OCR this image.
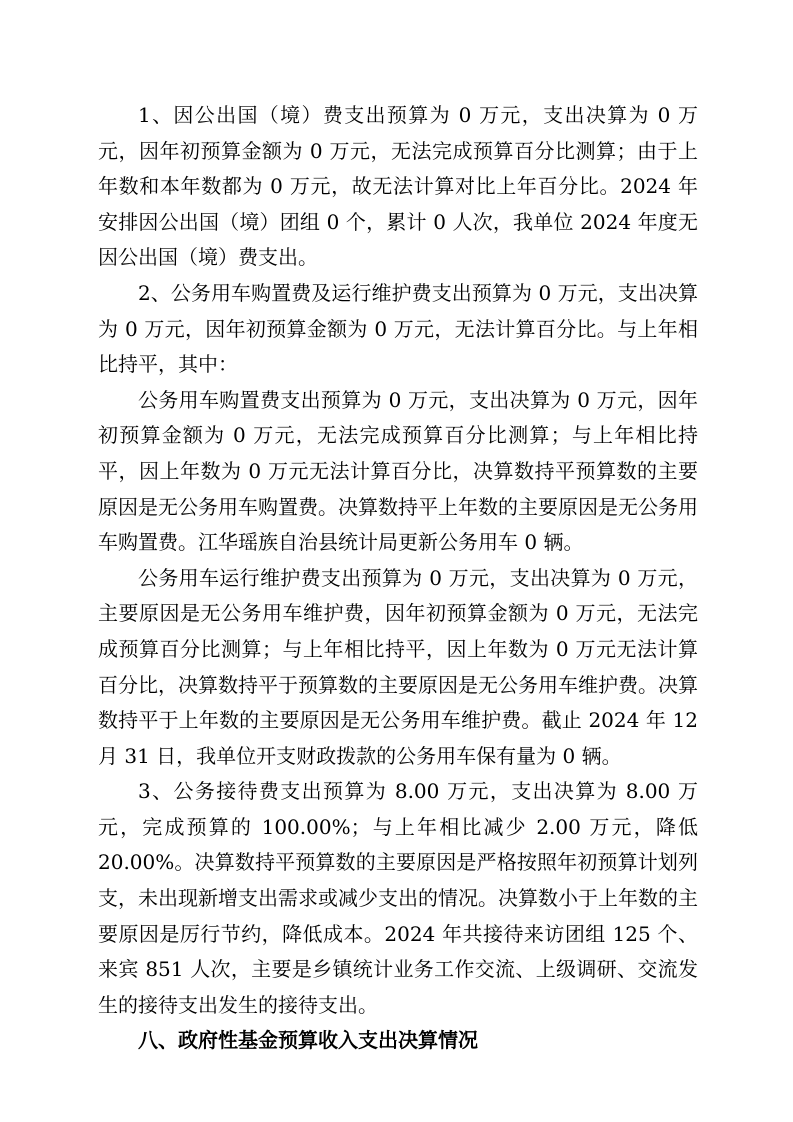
1、因公出国（境）费支出预算为 0 万元，支出决算为 0 万元，因年初预算金额为 0 万元，无法完成预算百分比测算；由于上年数和本年数都为 0 万元，故无法计算对比上年百分比。2024 年安排因公出国（境）团组 0 个，累计 0 人次，我单位 2024 年度无因公出国（境）费支出。

2、公务用车购置费及运行维护费支出预算为 0 万元，支出决算为 0 万元，因年初预算金额为 0 万元，无法计算百分比。与上年相比持平，其中：

公务用车购置费支出预算为 0 万元，支出决算为 0 万元，因年初预算金额为 0 万元，无法完成预算百分比测算；与上年相比持平，因上年数为 0 万元无法计算百分比，决算数持平预算数的主要原因是无公务用车购置费。决算数持平上年数的主要原因是无公务用车购置费。江华瑶族自治县统计局更新公务用车 0 辆。

公务用车运行维护费支出预算为 0 万元，支出决算为 0 万元，主要原因是无公务用车维护费，因年初预算金额为 0 万元，无法完成预算百分比测算；与上年相比持平，因上年数为 0 万元无法计算百分比，决算数持平于预算数的主要原因是无公务用车维护费。决算数持平于上年数的主要原因是无公务用车维护费。截止 2024 年 12 月 31 日，我单位开支财政拨款的公务用车保有量为 0 辆。

3、公务接待费支出预算为 8.00 万元，支出决算为 8.00 万元，完成预算的 100.00%；与上年相比减少 2.00 万元，降低 20.00%。决算数持平预算数的主要原因是严格按照年初预算计划列支，未出现新增支出需求或减少支出的情况。决算数小于上年数的主要原因是厉行节约，降低成本。2024 年共接待来访团组 125 个、来宾 851 人次，主要是乡镇统计业务工作交流、上级调研、交流发生的接待支出发生的接待支出。

八、政府性基金预算收入支出决算情况
